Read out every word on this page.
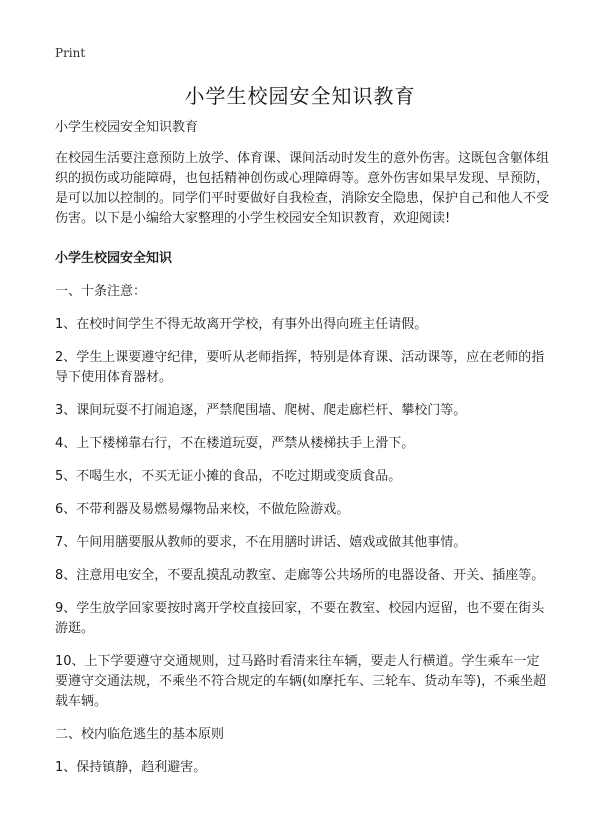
Print
小学生校园安全知识教育

小学生校园安全知识教育

在校园生活要注意预防上放学、体育课、课间活动时发生的意外伤害。这既包含躯体组织的损伤或功能障碍，也包括精神创伤或心理障碍等。意外伤害如果早发现、早预防，是可以加以控制的。同学们平时要做好自我检查，消除安全隐患，保护自己和他人不受伤害。以下是小编给大家整理的小学生校园安全知识教育，欢迎阅读!

小学生校园安全知识

一、十条注意：

1、在校时间学生不得无故离开学校，有事外出得向班主任请假。

2、学生上课要遵守纪律，要听从老师指挥，特别是体育课、活动课等，应在老师的指导下使用体育器材。

3、课间玩耍不打闹追逐，严禁爬围墙、爬树、爬走廊栏杆、攀校门等。

4、上下楼梯靠右行，不在楼道玩耍，严禁从楼梯扶手上滑下。

5、不喝生水，不买无证小摊的食品，不吃过期或变质食品。

6、不带利器及易燃易爆物品来校，不做危险游戏。

7、午间用膳要服从教师的要求，不在用膳时讲话、嬉戏或做其他事情。

8、注意用电安全，不要乱摸乱动教室、走廊等公共场所的电器设备、开关、插座等。

9、学生放学回家要按时离开学校直接回家，不要在教室、校园内逗留，也不要在街头游逛。

10、上下学要遵守交通规则，过马路时看清来往车辆，要走人行横道。学生乘车一定要遵守交通法规，不乘坐不符合规定的车辆(如摩托车、三轮车、货动车等)，不乘坐超载车辆。

二、校内临危逃生的基本原则

1、保持镇静，趋利避害。
